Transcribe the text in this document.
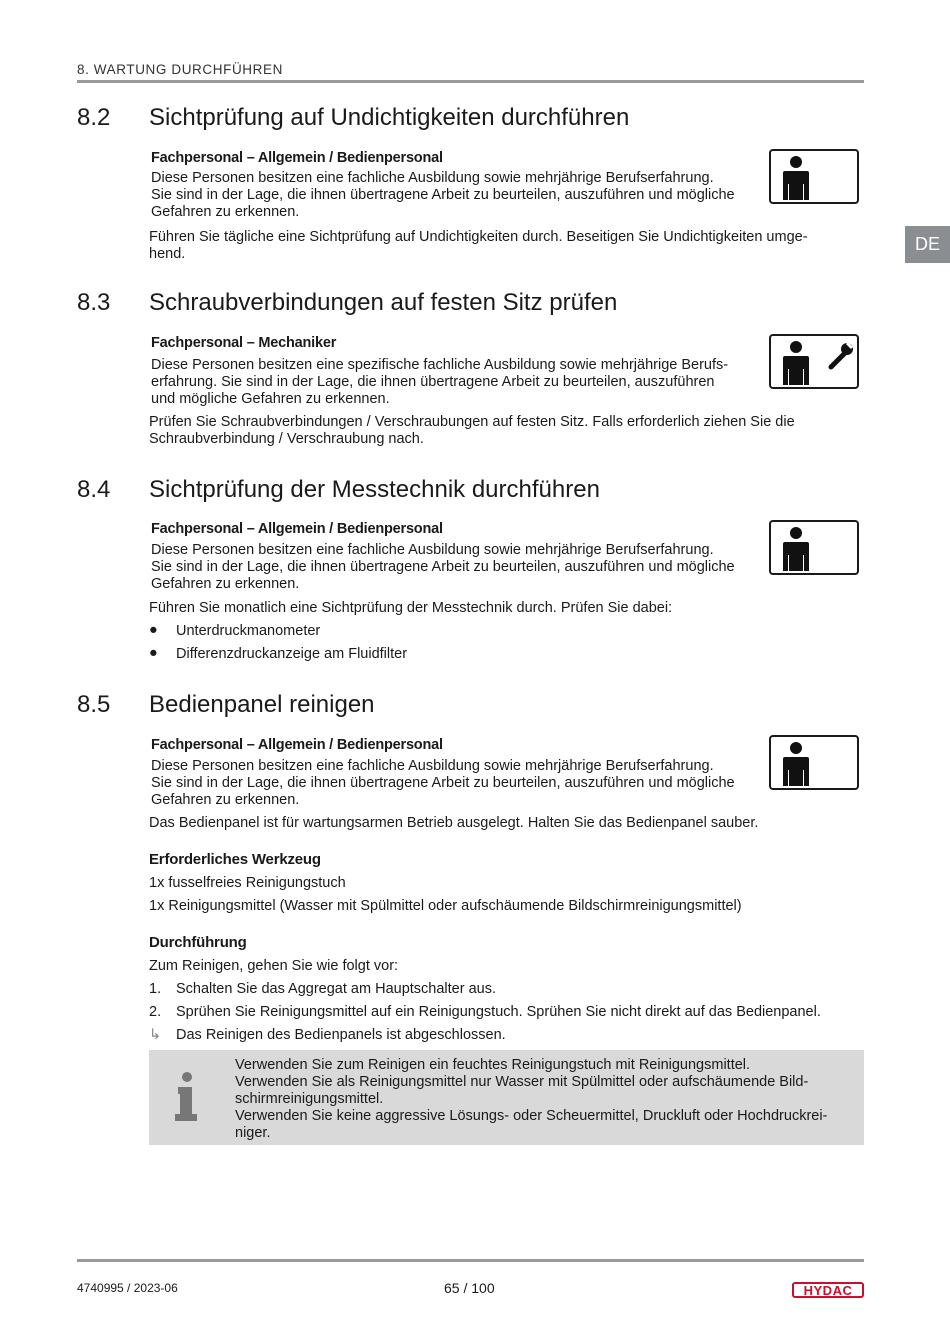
8. WARTUNG DURCHFÜHREN
DE
8.2 Sichtprüfung auf Undichtigkeiten durchführen
Fachpersonal – Allgemein / Bedienpersonal
Diese Personen besitzen eine fachliche Ausbildung sowie mehrjährige Berufserfahrung.
Sie sind in der Lage, die ihnen übertragene Arbeit zu beurteilen, auszuführen und mögliche
Gefahren zu erkennen.
Führen Sie tägliche eine Sichtprüfung auf Undichtigkeiten durch. Beseitigen Sie Undichtigkeiten umge-
hend.
8.3 Schraubverbindungen auf festen Sitz prüfen
Fachpersonal – Mechaniker
Diese Personen besitzen eine spezifische fachliche Ausbildung sowie mehrjährige Berufs-
erfahrung. Sie sind in der Lage, die ihnen übertragene Arbeit zu beurteilen, auszuführen
und mögliche Gefahren zu erkennen.
Prüfen Sie Schraubverbindungen / Verschraubungen auf festen Sitz. Falls erforderlich ziehen Sie die
Schraubverbindung / Verschraubung nach.
8.4 Sichtprüfung der Messtechnik durchführen
Fachpersonal – Allgemein / Bedienpersonal
Diese Personen besitzen eine fachliche Ausbildung sowie mehrjährige Berufserfahrung.
Sie sind in der Lage, die ihnen übertragene Arbeit zu beurteilen, auszuführen und mögliche
Gefahren zu erkennen.
Führen Sie monatlich eine Sichtprüfung der Messtechnik durch. Prüfen Sie dabei:
● Unterdruckmanometer
● Differenzdruckanzeige am Fluidfilter
8.5 Bedienpanel reinigen
Fachpersonal – Allgemein / Bedienpersonal
Diese Personen besitzen eine fachliche Ausbildung sowie mehrjährige Berufserfahrung.
Sie sind in der Lage, die ihnen übertragene Arbeit zu beurteilen, auszuführen und mögliche
Gefahren zu erkennen.
Das Bedienpanel ist für wartungsarmen Betrieb ausgelegt. Halten Sie das Bedienpanel sauber.
Erforderliches Werkzeug
1x fusselfreies Reinigungstuch
1x Reinigungsmittel (Wasser mit Spülmittel oder aufschäumende Bildschirmreinigungsmittel)
Durchführung
Zum Reinigen, gehen Sie wie folgt vor:
1. Schalten Sie das Aggregat am Hauptschalter aus.
2. Sprühen Sie Reinigungsmittel auf ein Reinigungstuch. Sprühen Sie nicht direkt auf das Bedienpanel.
↳ Das Reinigen des Bedienpanels ist abgeschlossen.
Verwenden Sie zum Reinigen ein feuchtes Reinigungstuch mit Reinigungsmittel.
Verwenden Sie als Reinigungsmittel nur Wasser mit Spülmittel oder aufschäumende Bild-
schirmreinigungsmittel.
Verwenden Sie keine aggressive Lösungs- oder Scheuermittel, Druckluft oder Hochdruckrei-
niger.
4740995 / 2023-06	65 / 100	HYDAC
